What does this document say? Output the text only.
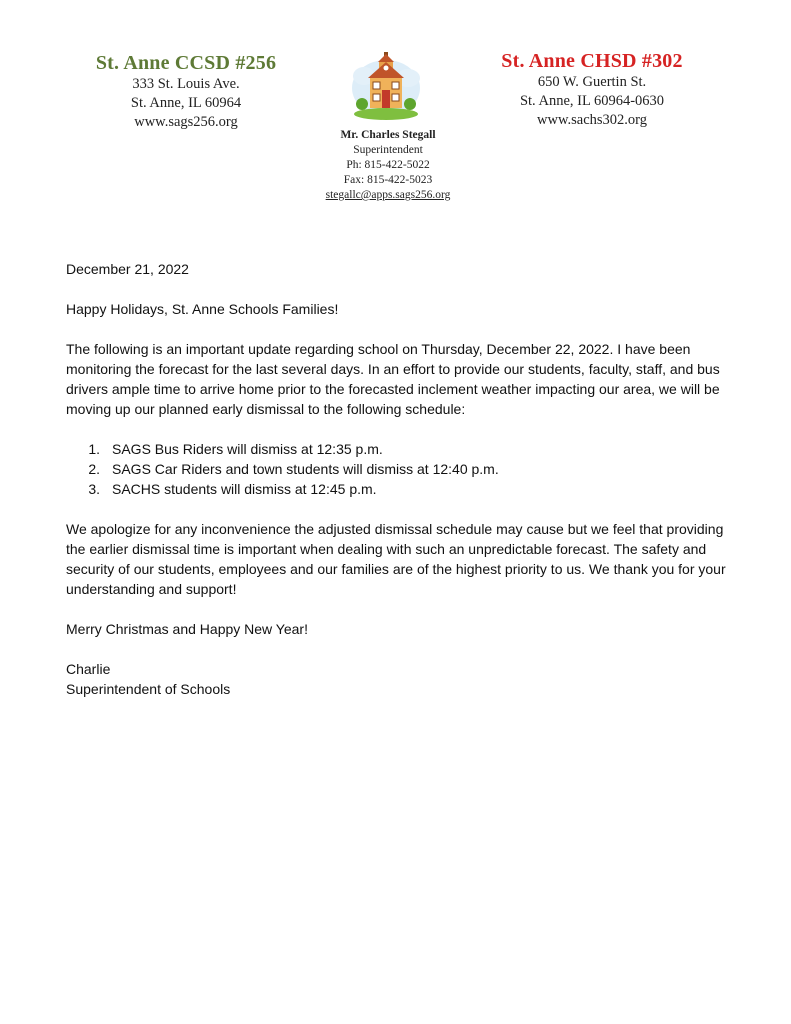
St. Anne CCSD #256
333 St. Louis Ave.
St. Anne, IL 60964
www.sags256.org
Mr. Charles Stegall
Superintendent
Ph: 815-422-5022
Fax: 815-422-5023
stegallc@apps.sags256.org
St. Anne CHSD #302
650 W. Guertin St.
St. Anne, IL 60964-0630
www.sachs302.org

December 21, 2022

Happy Holidays, St. Anne Schools Families!

The following is an important update regarding school on Thursday, December 22, 2022. I have been monitoring the forecast for the last several days. In an effort to provide our students, faculty, staff, and bus drivers ample time to arrive home prior to the forecasted inclement weather impacting our area, we will be moving up our planned early dismissal to the following schedule:

1. SAGS Bus Riders will dismiss at 12:35 p.m.
2. SAGS Car Riders and town students will dismiss at 12:40 p.m.
3. SACHS students will dismiss at 12:45 p.m.

We apologize for any inconvenience the adjusted dismissal schedule may cause but we feel that providing the earlier dismissal time is important when dealing with such an unpredictable forecast. The safety and security of our students, employees and our families are of the highest priority to us. We thank you for your understanding and support!

Merry Christmas and Happy New Year!

Charlie

Superintendent of Schools
